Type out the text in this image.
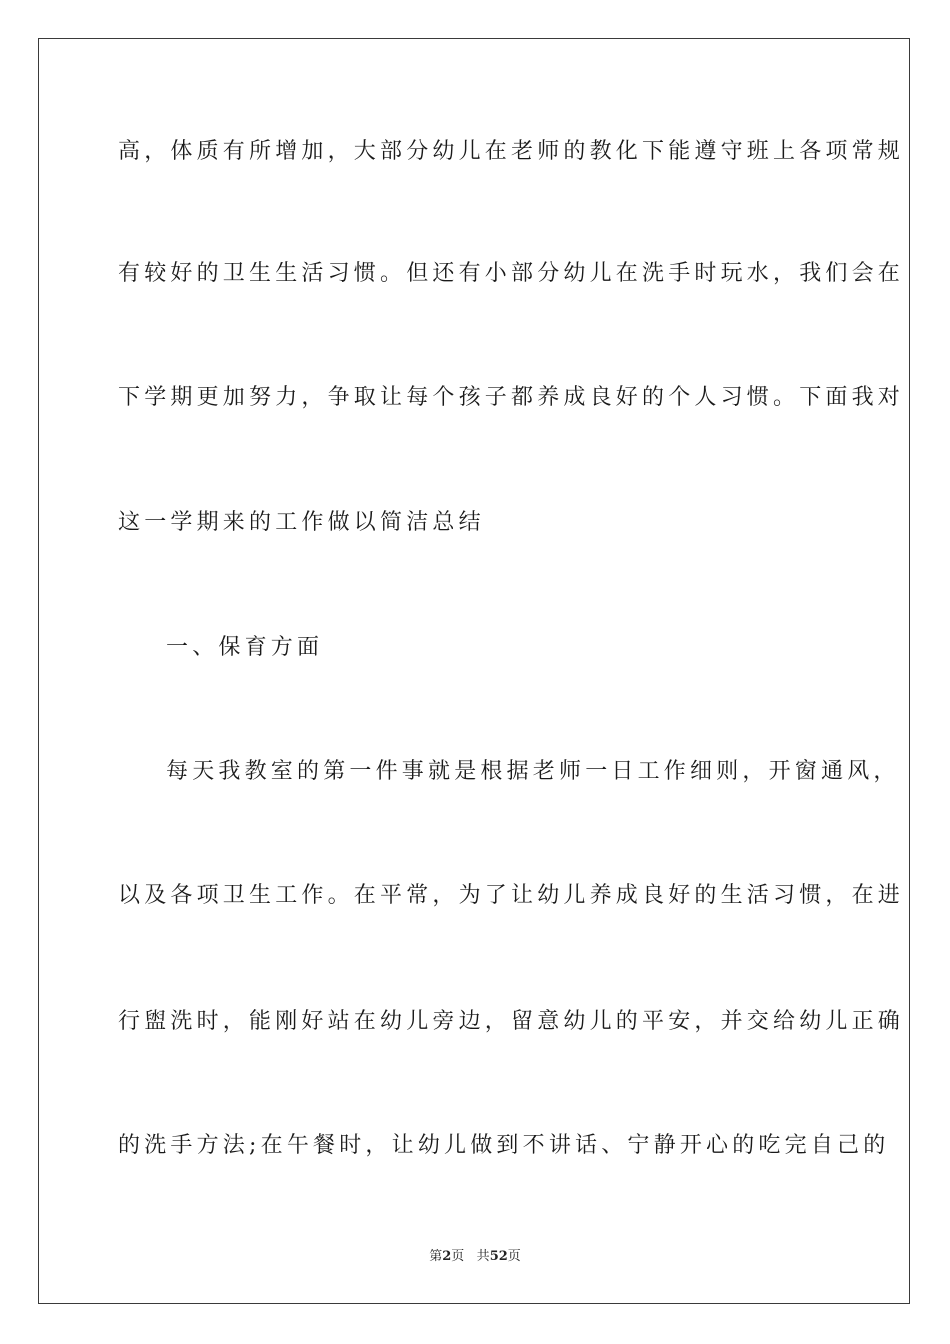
高，体质有所增加，大部分幼儿在老师的教化下能遵守班上各项常规
有较好的卫生生活习惯。但还有小部分幼儿在洗手时玩水，我们会在
下学期更加努力，争取让每个孩子都养成良好的个人习惯。下面我对
这一学期来的工作做以简洁总结
一、保育方面
每天我教室的第一件事就是根据老师一日工作细则，开窗通风，
以及各项卫生工作。在平常，为了让幼儿养成良好的生活习惯，在进
行盥洗时，能刚好站在幼儿旁边，留意幼儿的平安，并交给幼儿正确
的洗手方法;在午餐时，让幼儿做到不讲话、宁静开心的吃完自己的
第2页 共52页
